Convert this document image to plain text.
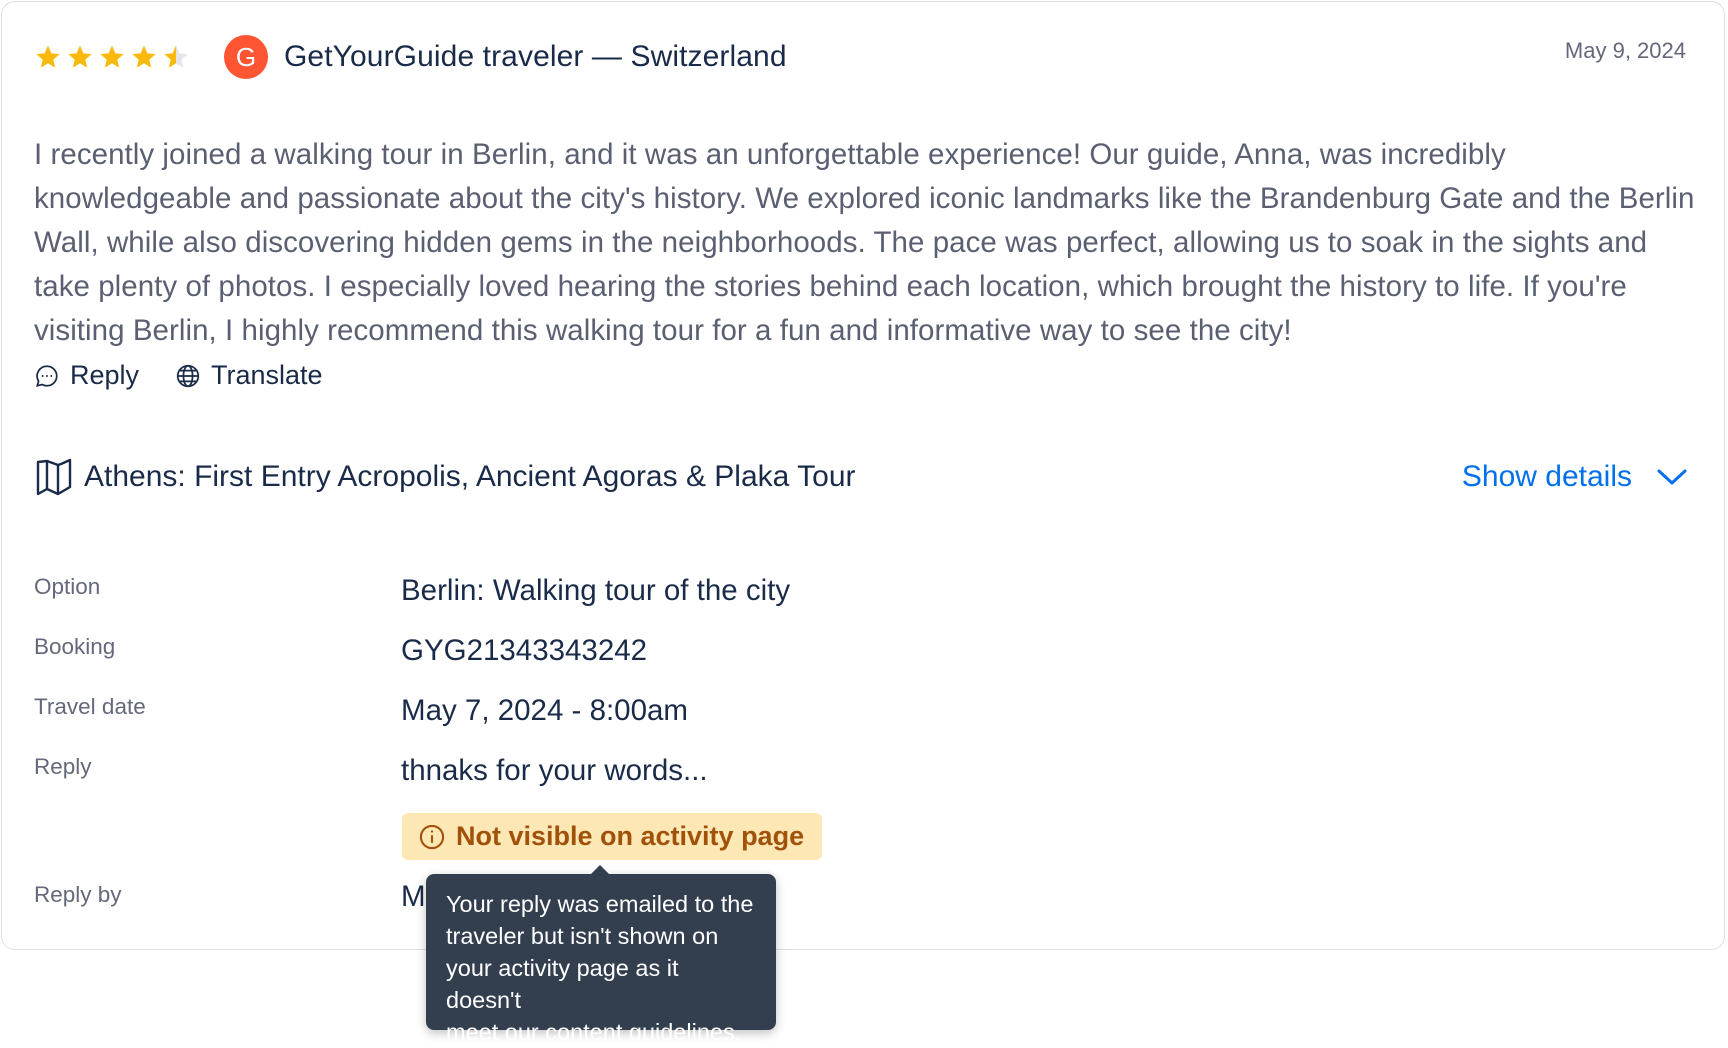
G GetYourGuide traveler — Switzerland	May 9, 2024
I recently joined a walking tour in Berlin, and it was an unforgettable experience! Our guide, Anna, was incredibly knowledgeable and passionate about the city's history. We explored iconic landmarks like the Brandenburg Gate and the Berlin Wall, while also discovering hidden gems in the neighborhoods. The pace was perfect, allowing us to soak in the sights and take plenty of photos. I especially loved hearing the stories behind each location, which brought the history to life. If you're visiting Berlin, I highly recommend this walking tour for a fun and informative way to see the city!
Reply	Translate
Athens: First Entry Acropolis, Ancient Agoras & Plaka Tour	Show details
Option	Berlin: Walking tour of the city
Booking	GYG21343343242
Travel date	May 7, 2024 - 8:00am
Reply	thnaks for your words...
Not visible on activity page
Reply by	M Your reply was emailed to the
traveler but isn't shown on
your activity page as it doesn't
meet our content guidelines.
